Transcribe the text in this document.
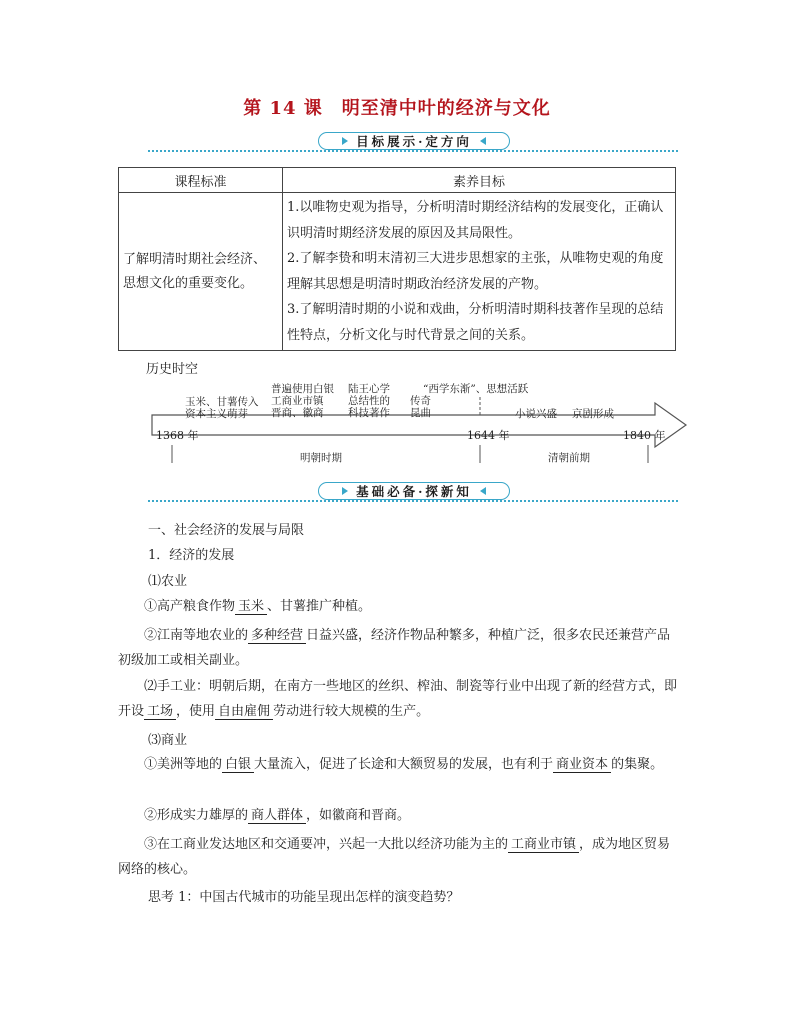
第 14 课　明至清中叶的经济与文化
目标展示·定方向
课程标准	素养目标
了解明清时期社会经济、思想文化的重要变化。	1.以唯物史观为指导，分析明清时期经济结构的发展变化，正确认识明清时期经济发展的原因及其局限性。
2.了解李贽和明末清初三大进步思想家的主张，从唯物史观的角度理解其思想是明清时期政治经济发展的产物。
3.了解明清时期的小说和戏曲，分析明清时期科技著作呈现的总结性特点，分析文化与时代背景之间的关系。
历史时空
玉米、甘薯传入
资本主义萌芽
普遍使用白银
工商业市镇
晋商、徽商
陆王心学
总结性的
科技著作
传奇
昆曲
“西学东渐”、思想活跃
小说兴盛 京剧形成
1368 年	1644 年	1840 年
明朝时期	清朝前期
基础必备·探新知
一、社会经济的发展与局限
1．经济的发展
⑴农业
①高产粮食作物 玉米 、甘薯推广种植。
②江南等地农业的 多种经营 日益兴盛，经济作物品种繁多，种植广泛，很多农民还兼营产品初级加工或相关副业。
⑵手工业：明朝后期，在南方一些地区的丝织、榨油、制瓷等行业中出现了新的经营方式，即开设 工场 ，使用 自由雇佣 劳动进行较大规模的生产。
⑶商业
①美洲等地的 白银 大量流入，促进了长途和大额贸易的发展，也有利于 商业资本 的集聚。
②形成实力雄厚的 商人群体 ，如徽商和晋商。
③在工商业发达地区和交通要冲，兴起一大批以经济功能为主的 工商业市镇 ，成为地区贸易网络的核心。
思考 1：中国古代城市的功能呈现出怎样的演变趋势？
